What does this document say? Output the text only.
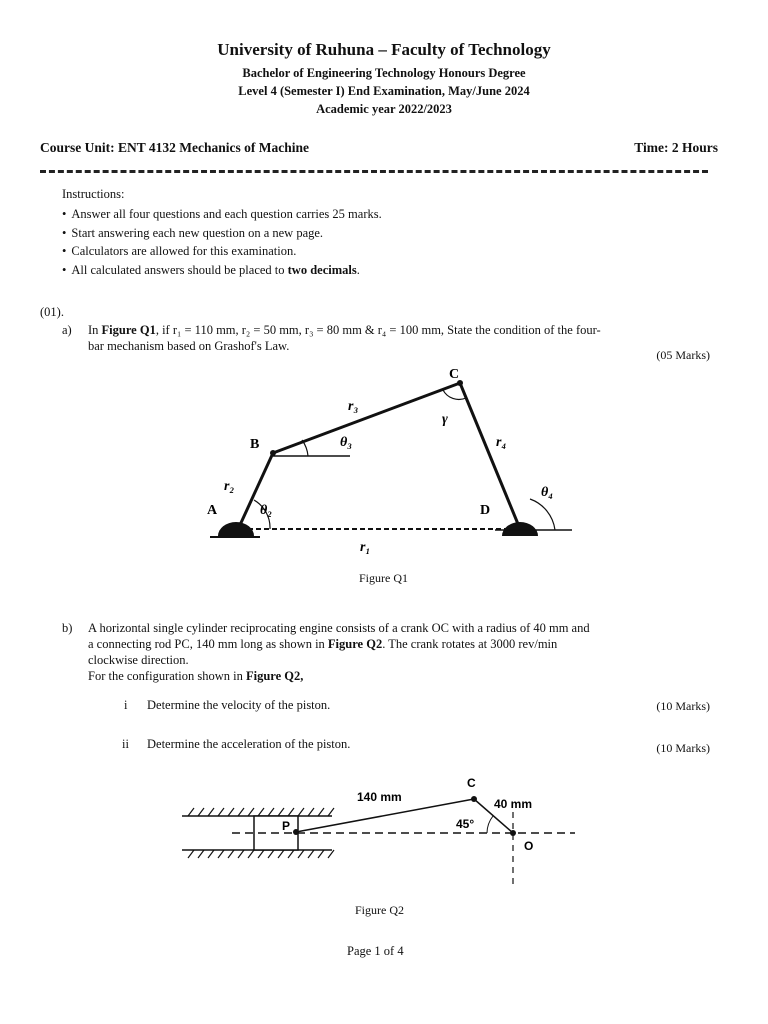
University of Ruhuna – Faculty of Technology
Bachelor of Engineering Technology Honours Degree
Level 4 (Semester I) End Examination, May/June 2024
Academic year 2022/2023
Course Unit: ENT 4132 Mechanics of Machine	Time: 2 Hours
Instructions:
• Answer all four questions and each question carries 25 marks.
• Start answering each new question on a new page.
• Calculators are allowed for this examination.
• All calculated answers should be placed to two decimals.
(01).
a) In Figure Q1, if r₁ = 110 mm, r₂ = 50 mm, r₃ = 80 mm & r₄ = 100 mm, State the condition of the four-
bar mechanism based on Grashof's Law.
(05 Marks)
C
B
A	D
r₃
r₄
r₂
r₁
θ₃
θ₂
θ₄
γ
Figure Q1
b) A horizontal single cylinder reciprocating engine consists of a crank OC with a radius of 40 mm and
a connecting rod PC, 140 mm long as shown in Figure Q2. The crank rotates at 3000 rev/min
clockwise direction.
For the configuration shown in Figure Q2,
i Determine the velocity of the piston.	(10 Marks)
ii Determine the acceleration of the piston.	(10 Marks)
140 mm	40 mm
45°
C
P
O
Figure Q2
Page 1 of 4
